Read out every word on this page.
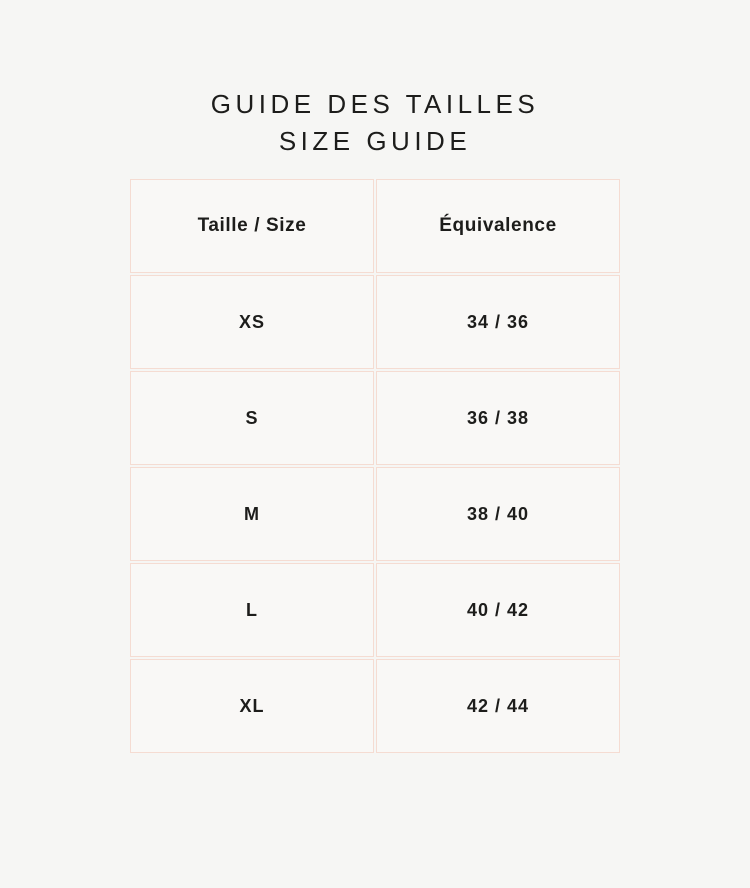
GUIDE DES TAILLES
SIZE GUIDE
Taille / Size	Équivalence
XS	34 / 36
S	36 / 38
M	38 / 40
L	40 / 42
XL	42 / 44
